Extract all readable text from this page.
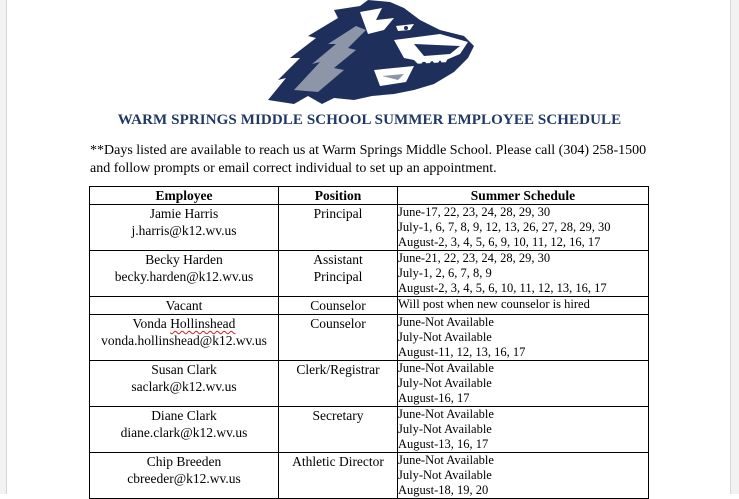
WARM SPRINGS MIDDLE SCHOOL SUMMER EMPLOYEE SCHEDULE
**Days listed are available to reach us at Warm Springs Middle School. Please call (304) 258-1500 and follow prompts or email correct individual to set up an appointment.
Employee	Position	Summer Schedule

Jamie Harris
j.harris@k12.wv.us	Principal	June-17, 22, 23, 24, 28, 29, 30
July-1, 6, 7, 8, 9, 12, 13, 26, 27, 28, 29, 30
August-2, 3, 4, 5, 6, 9, 10, 11, 12, 16, 17

Becky Harden
becky.harden@k12.wv.us	Assistant
Principal	June-21, 22, 23, 24, 28, 29, 30
July-1, 2, 6, 7, 8, 9
August-2, 3, 4, 5, 6, 10, 11, 12, 13, 16, 17

Vacant	Counselor	Will post when new counselor is hired

Vonda Hollinshead
vonda.hollinshead@k12.wv.us	Counselor	June-Not Available
July-Not Available
August-11, 12, 13, 16, 17

Susan Clark
saclark@k12.wv.us	Clerk/Registrar	June-Not Available
July-Not Available
August-16, 17

Diane Clark
diane.clark@k12.wv.us	Secretary	June-Not Available
July-Not Available
August-13, 16, 17

Chip Breeden
cbreeder@k12.wv.us	Athletic Director	June-Not Available
July-Not Available
August-18, 19, 20
